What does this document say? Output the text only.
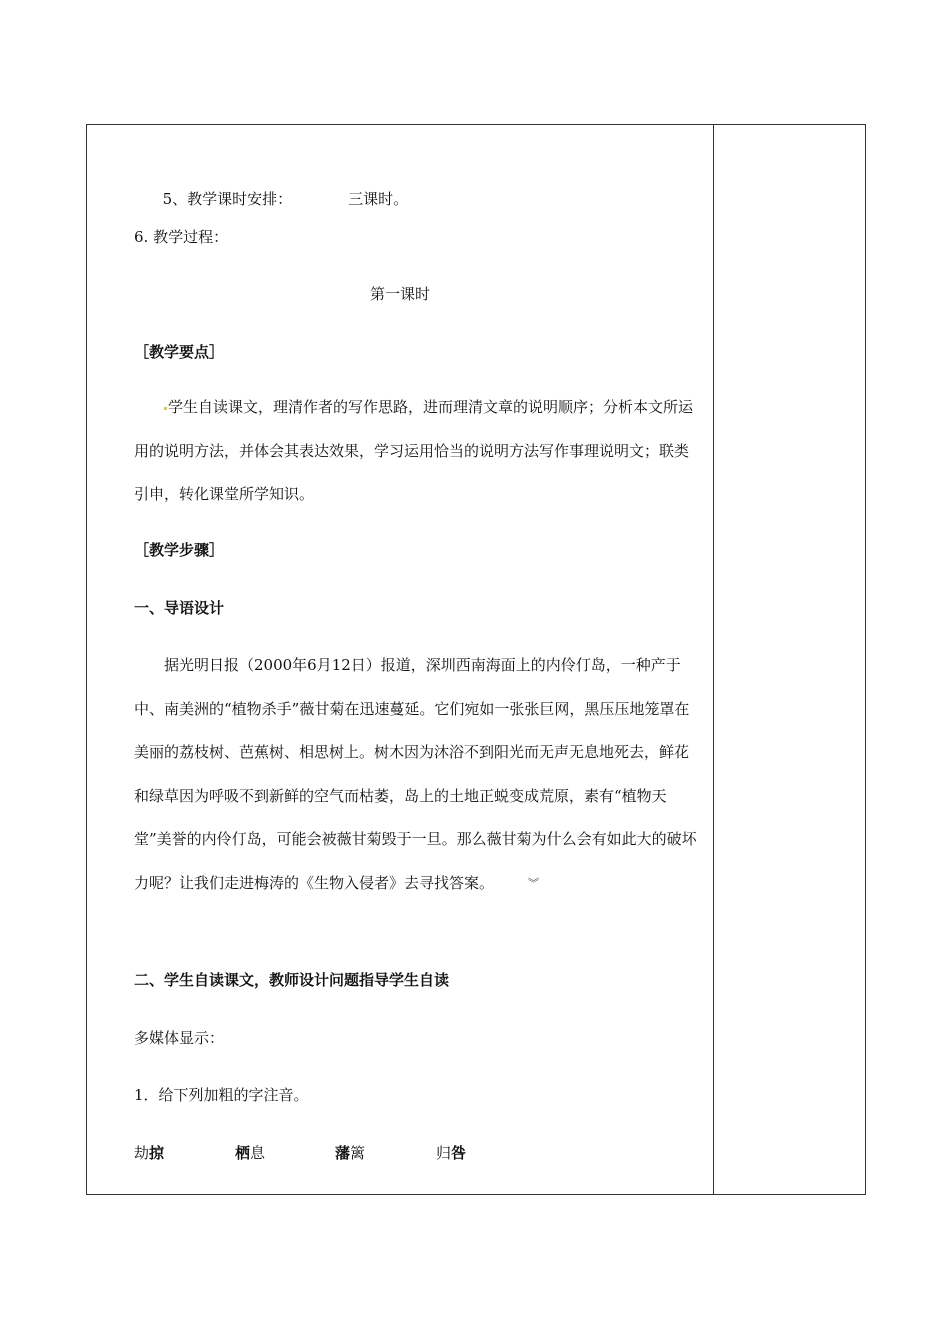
5、教学课时安排：	三课时。

6. 教学过程：
第一课时
［教学要点］
学生自读课文，理清作者的写作思路，进而理清文章的说明顺序；分析本文所运用的说明方法，并体会其表达效果，学习运用恰当的说明方法写作事理说明文；联类引申，转化课堂所学知识。
［教学步骤］
一、导语设计
据光明日报（2000年6月12日）报道，深圳西南海面上的内伶仃岛，一种产于中、南美洲的“植物杀手”薇甘菊在迅速蔓延。它们宛如一张张巨网，黑压压地笼罩在美丽的荔枝树、芭蕉树、相思树上。树木因为沐浴不到阳光而无声无息地死去，鲜花和绿草因为呼吸不到新鲜的空气而枯萎，岛上的土地正蜕变成荒原，素有“植物天堂”美誉的内伶仃岛，可能会被薇甘菊毁于一旦。那么薇甘菊为什么会有如此大的破坏力呢？让我们走进梅涛的《生物入侵者》去寻找答案。	︾
二、学生自读课文，教师设计问题指导学生自读
多媒体显示：
1．给下列加粗的字注音。
劫掠	栖息	藩篱	归咎
